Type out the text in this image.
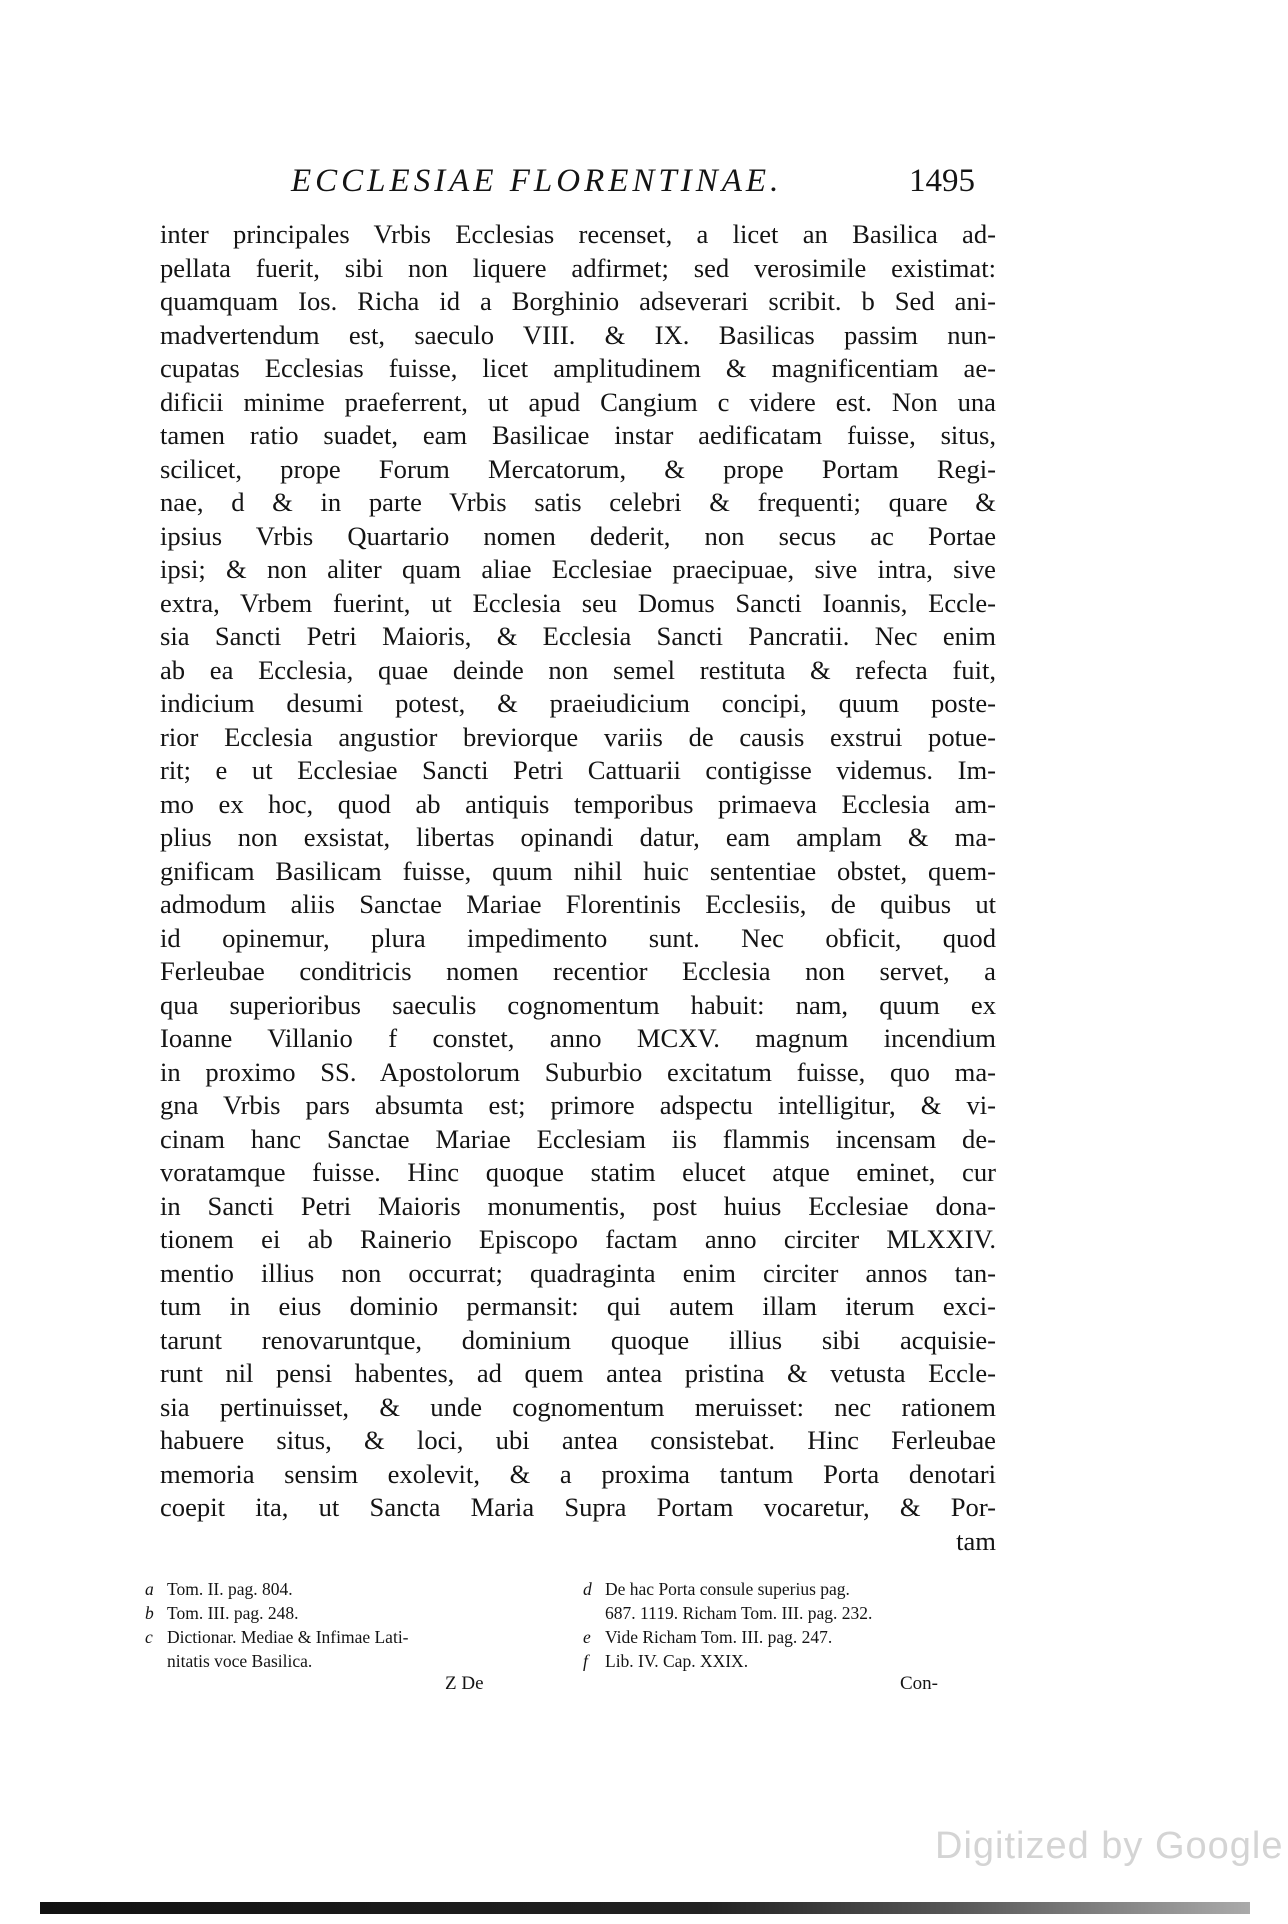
ECCLESIAE FLORENTINAE.	1495
inter principales Vrbis Ecclesias recenset, a licet an Basilica ad-
pellata fuerit, sibi non liquere adfirmet; sed verosimile existimat:
quamquam Ios. Richa id a Borghinio adseverari scribit. b Sed ani-
madvertendum est, saeculo VIII. & IX. Basilicas passim nun-
cupatas Ecclesias fuisse, licet amplitudinem & magnificentiam ae-
dificii minime praeferrent, ut apud Cangium c videre est. Non una
tamen ratio suadet, eam Basilicae instar aedificatam fuisse, situs,
scilicet, prope Forum Mercatorum, & prope Portam Regi-
nae, d & in parte Vrbis satis celebri & frequenti; quare &
ipsius Vrbis Quartario nomen dederit, non secus ac Portae
ipsi; & non aliter quam aliae Ecclesiae praecipuae, sive intra, sive
extra, Vrbem fuerint, ut Ecclesia seu Domus Sancti Ioannis, Eccle-
sia Sancti Petri Maioris, & Ecclesia Sancti Pancratii. Nec enim
ab ea Ecclesia, quae deinde non semel restituta & refecta fuit,
indicium desumi potest, & praeiudicium concipi, quum poste-
rior Ecclesia angustior breviorque variis de causis exstrui potue-
rit; e ut Ecclesiae Sancti Petri Cattuarii contigisse videmus. Im-
mo ex hoc, quod ab antiquis temporibus primaeva Ecclesia am-
plius non exsistat, libertas opinandi datur, eam amplam & ma-
gnificam Basilicam fuisse, quum nihil huic sententiae obstet, quem-
admodum aliis Sanctae Mariae Florentinis Ecclesiis, de quibus ut
id opinemur, plura impedimento sunt. Nec obficit, quod
Ferleubae conditricis nomen recentior Ecclesia non servet, a
qua superioribus saeculis cognomentum habuit: nam, quum ex
Ioanne Villanio f constet, anno MCXV. magnum incendium
in proximo SS. Apostolorum Suburbio excitatum fuisse, quo ma-
gna Vrbis pars absumta est; primore adspectu intelligitur, & vi-
cinam hanc Sanctae Mariae Ecclesiam iis flammis incensam de-
voratamque fuisse. Hinc quoque statim elucet atque eminet, cur
in Sancti Petri Maioris monumentis, post huius Ecclesiae dona-
tionem ei ab Rainerio Episcopo factam anno circiter MLXXIV.
mentio illius non occurrat; quadraginta enim circiter annos tan-
tum in eius dominio permansit: qui autem illam iterum exci-
tarunt renovaruntque, dominium quoque illius sibi acquisie-
runt nil pensi habentes, ad quem antea pristina & vetusta Eccle-
sia pertinuisset, & unde cognomentum meruisset: nec rationem
habuere situs, & loci, ubi antea consistebat. Hinc Ferleubae
memoria sensim exolevit, & a proxima tantum Porta denotari
coepit ita, ut Sancta Maria Supra Portam vocaretur, & Por-
tam
a Tom. II. pag. 804.
b Tom. III. pag. 248.
c Dictionar. Mediae & Infimae Lati-
nitatis voce Basilica.
d De hac Porta consule superius pag.
687. 1119. Richam Tom. III. pag. 232.
e Vide Richam Tom. III. pag. 247.
f Lib. IV. Cap. XXIX.
Z De	Con-
Digitized by Google
